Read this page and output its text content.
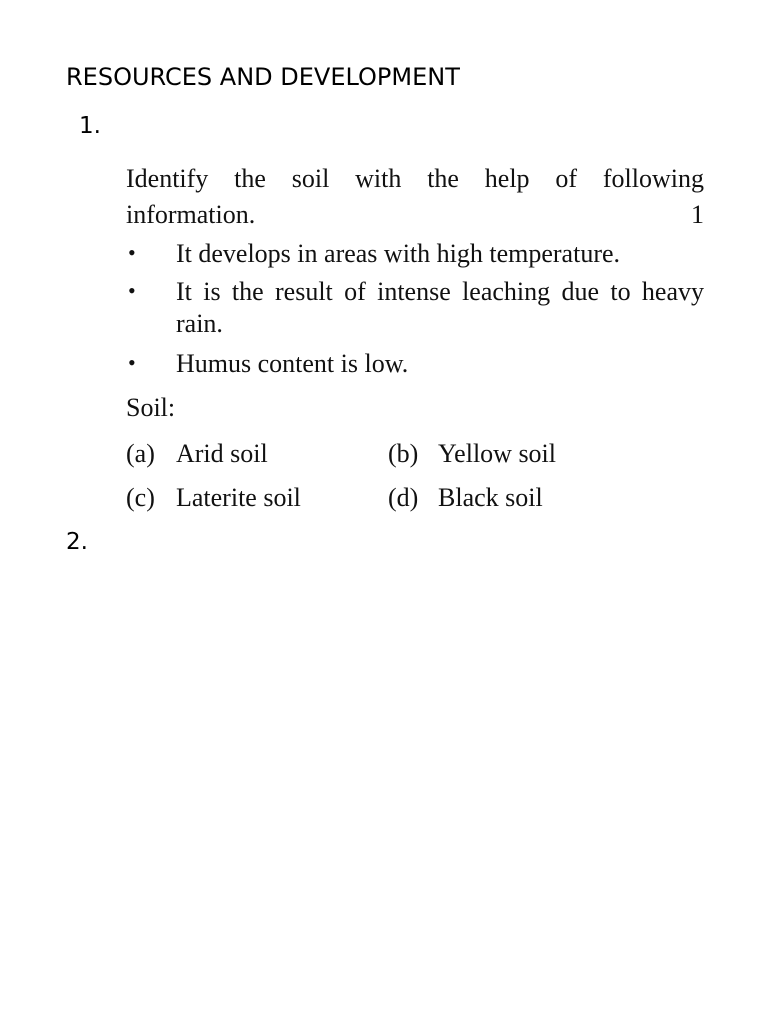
RESOURCES AND DEVELOPMENT
1.
Identify the soil with the help of following
information.	1
• It develops in areas with high temperature.
• It is the result of intense leaching due to heavy rain.
• Humus content is low.
Soil:
(a) Arid soil	(b) Yellow soil
(c) Laterite soil	(d) Black soil
2.
